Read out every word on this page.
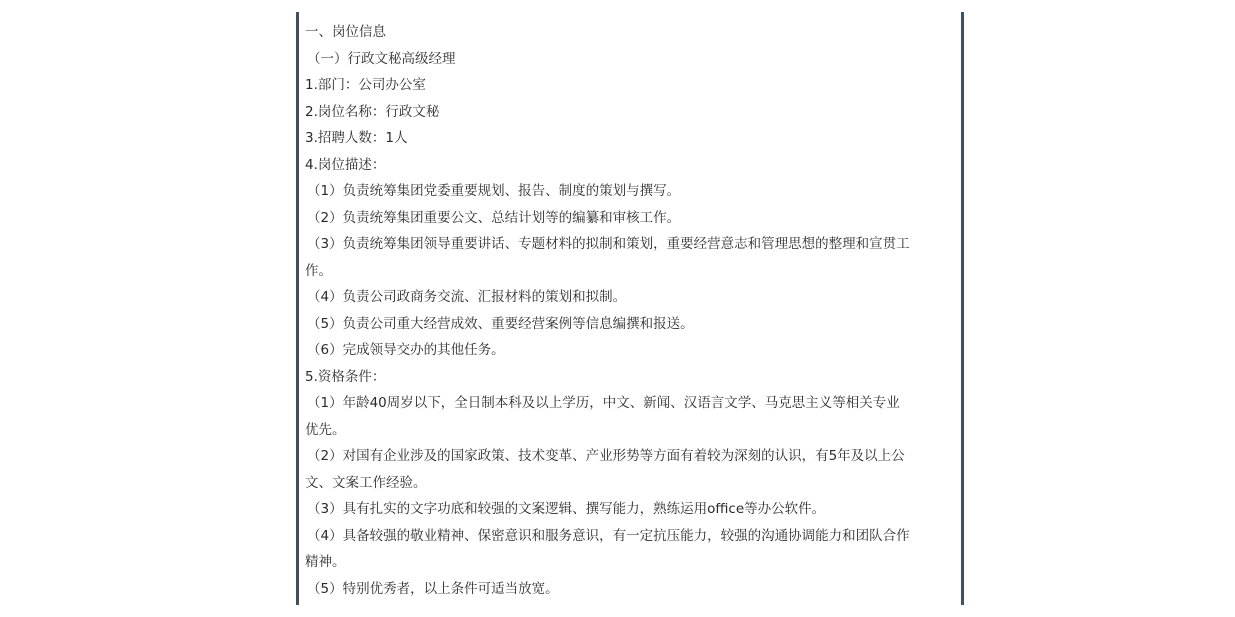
一、岗位信息
（一）行政文秘高级经理
1.部门：公司办公室
2.岗位名称：行政文秘
3.招聘人数：1人
4.岗位描述：
（1）负责统筹集团党委重要规划、报告、制度的策划与撰写。
（2）负责统筹集团重要公文、总结计划等的编纂和审核工作。
（3）负责统筹集团领导重要讲话、专题材料的拟制和策划，重要经营意志和管理思想的整理和宣贯工
作。
（4）负责公司政商务交流、汇报材料的策划和拟制。
（5）负责公司重大经营成效、重要经营案例等信息编撰和报送。
（6）完成领导交办的其他任务。
5.资格条件：
（1）年龄40周岁以下，全日制本科及以上学历，中文、新闻、汉语言文学、马克思主义等相关专业
优先。
（2）对国有企业涉及的国家政策、技术变革、产业形势等方面有着较为深刻的认识，有5年及以上公
文、文案工作经验。
（3）具有扎实的文字功底和较强的文案逻辑、撰写能力，熟练运用office等办公软件。
（4）具备较强的敬业精神、保密意识和服务意识，有一定抗压能力，较强的沟通协调能力和团队合作
精神。
（5）特别优秀者，以上条件可适当放宽。
